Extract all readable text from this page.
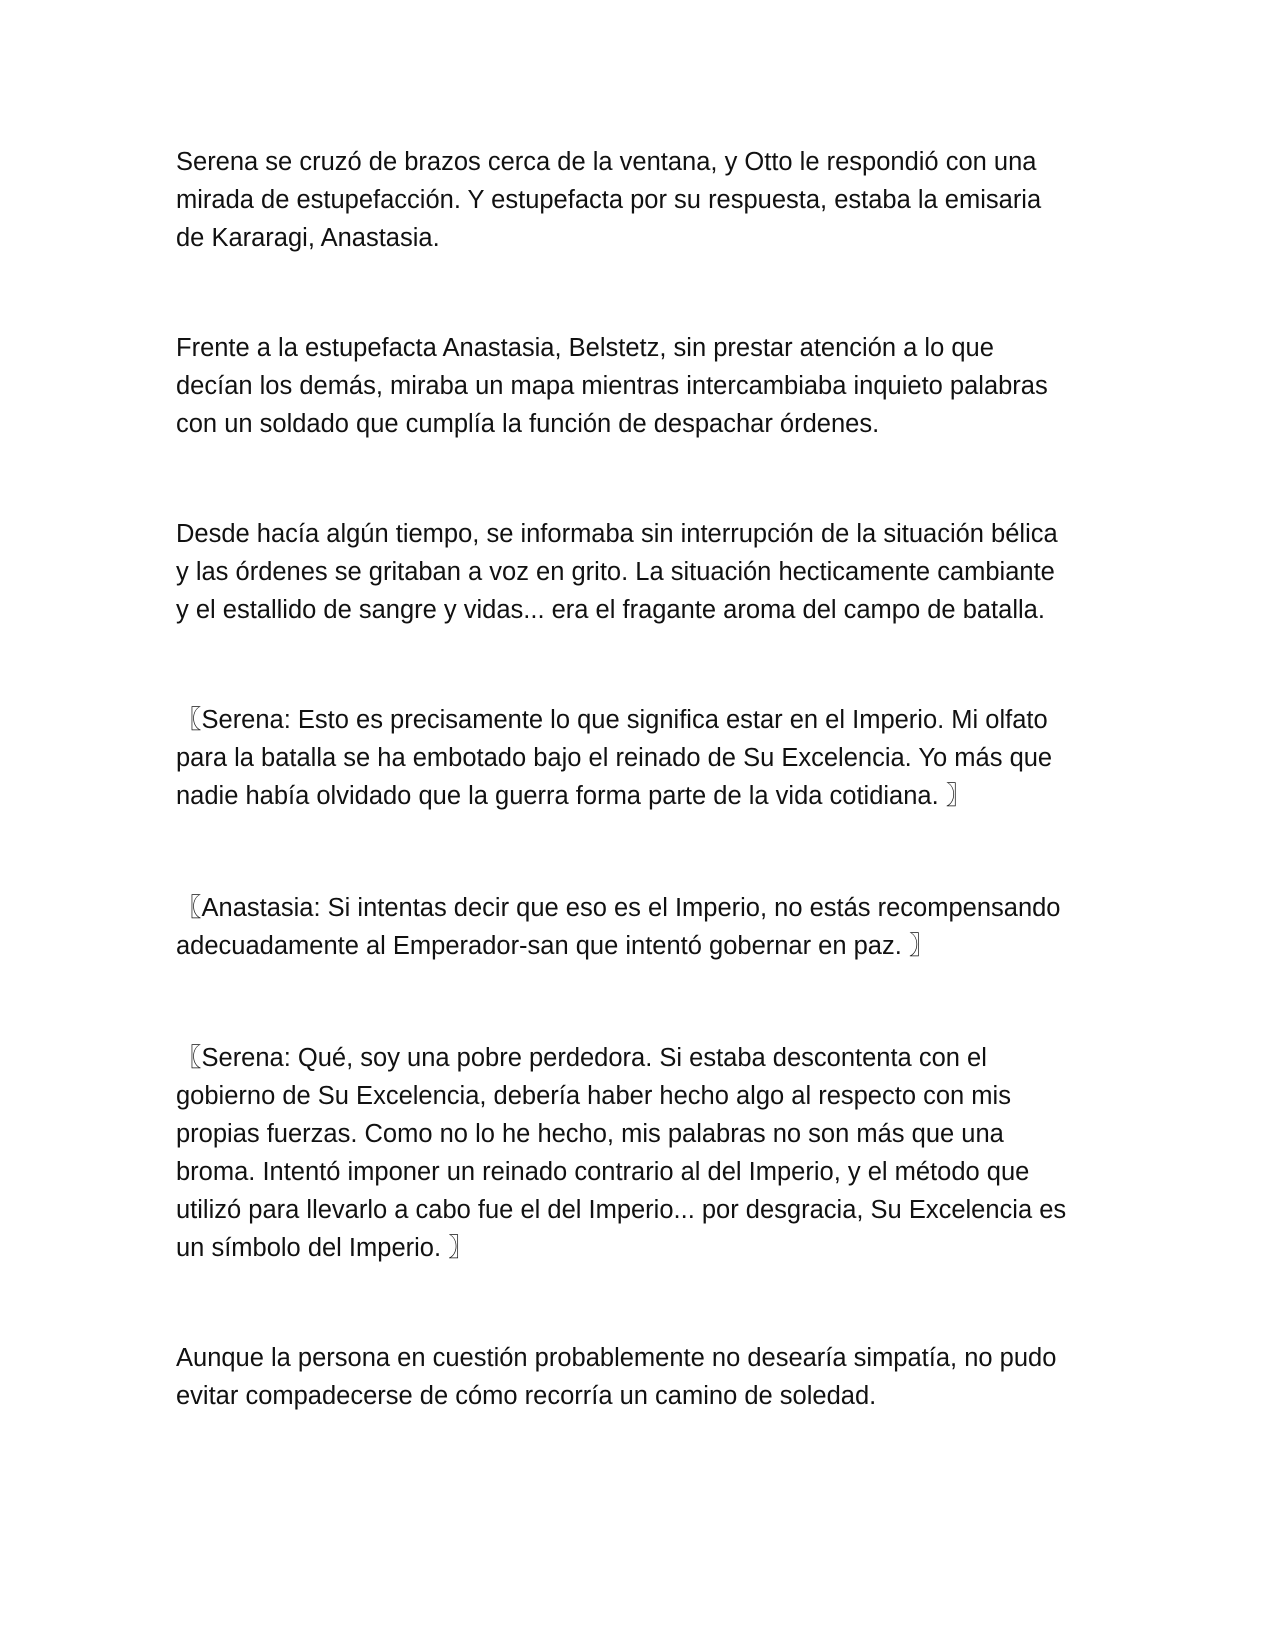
Serena se cruzó de brazos cerca de la ventana, y Otto le respondió con una
mirada de estupefacción. Y estupefacta por su respuesta, estaba la emisaria
de Kararagi, Anastasia.

Frente a la estupefacta Anastasia, Belstetz, sin prestar atención a lo que
decían los demás, miraba un mapa mientras intercambiaba inquieto palabras
con un soldado que cumplía la función de despachar órdenes.

Desde hacía algún tiempo, se informaba sin interrupción de la situación bélica
y las órdenes se gritaban a voz en grito. La situación hecticamente cambiante
y el estallido de sangre y vidas... era el fragante aroma del campo de batalla.

〖Serena: Esto es precisamente lo que significa estar en el Imperio. Mi olfato
para la batalla se ha embotado bajo el reinado de Su Excelencia. Yo más que
nadie había olvidado que la guerra forma parte de la vida cotidiana. 〗

〖Anastasia: Si intentas decir que eso es el Imperio, no estás recompensando
adecuadamente al Emperador-san que intentó gobernar en paz. 〗

〖Serena: Qué, soy una pobre perdedora. Si estaba descontenta con el
gobierno de Su Excelencia, debería haber hecho algo al respecto con mis
propias fuerzas. Como no lo he hecho, mis palabras no son más que una
broma. Intentó imponer un reinado contrario al del Imperio, y el método que
utilizó para llevarlo a cabo fue el del Imperio... por desgracia, Su Excelencia es
un símbolo del Imperio. 〗

Aunque la persona en cuestión probablemente no desearía simpatía, no pudo
evitar compadecerse de cómo recorría un camino de soledad.
